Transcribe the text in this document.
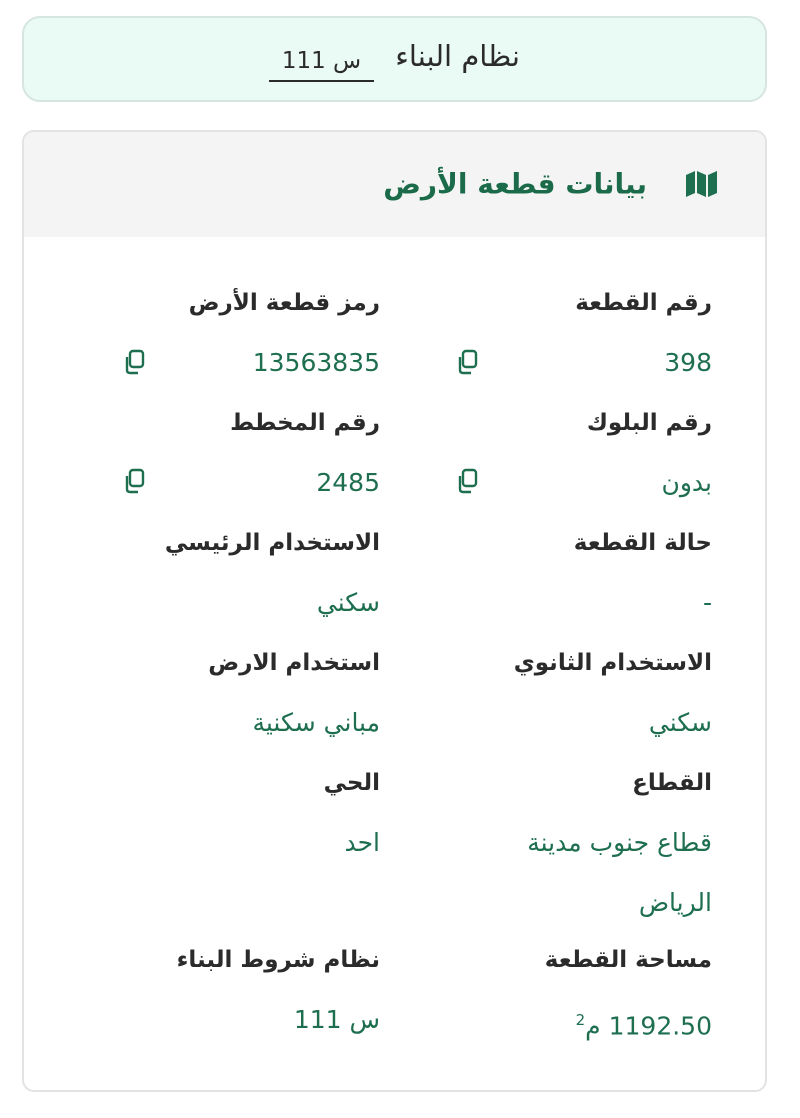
نظام البناء
س 111
بيانات قطعة الأرض
رقم القطعة
398
رمز قطعة الأرض
13563835
رقم البلوك
بدون
رقم المخطط
2485
حالة القطعة
-
الاستخدام الرئيسي
سكني
الاستخدام الثانوي
سكني
استخدام الارض
مباني سكنية
القطاع
قطاع جنوب مدينة
الرياض
الحي
احد
مساحة القطعة
1192.50 م$^2$
نظام شروط البناء
س 111
